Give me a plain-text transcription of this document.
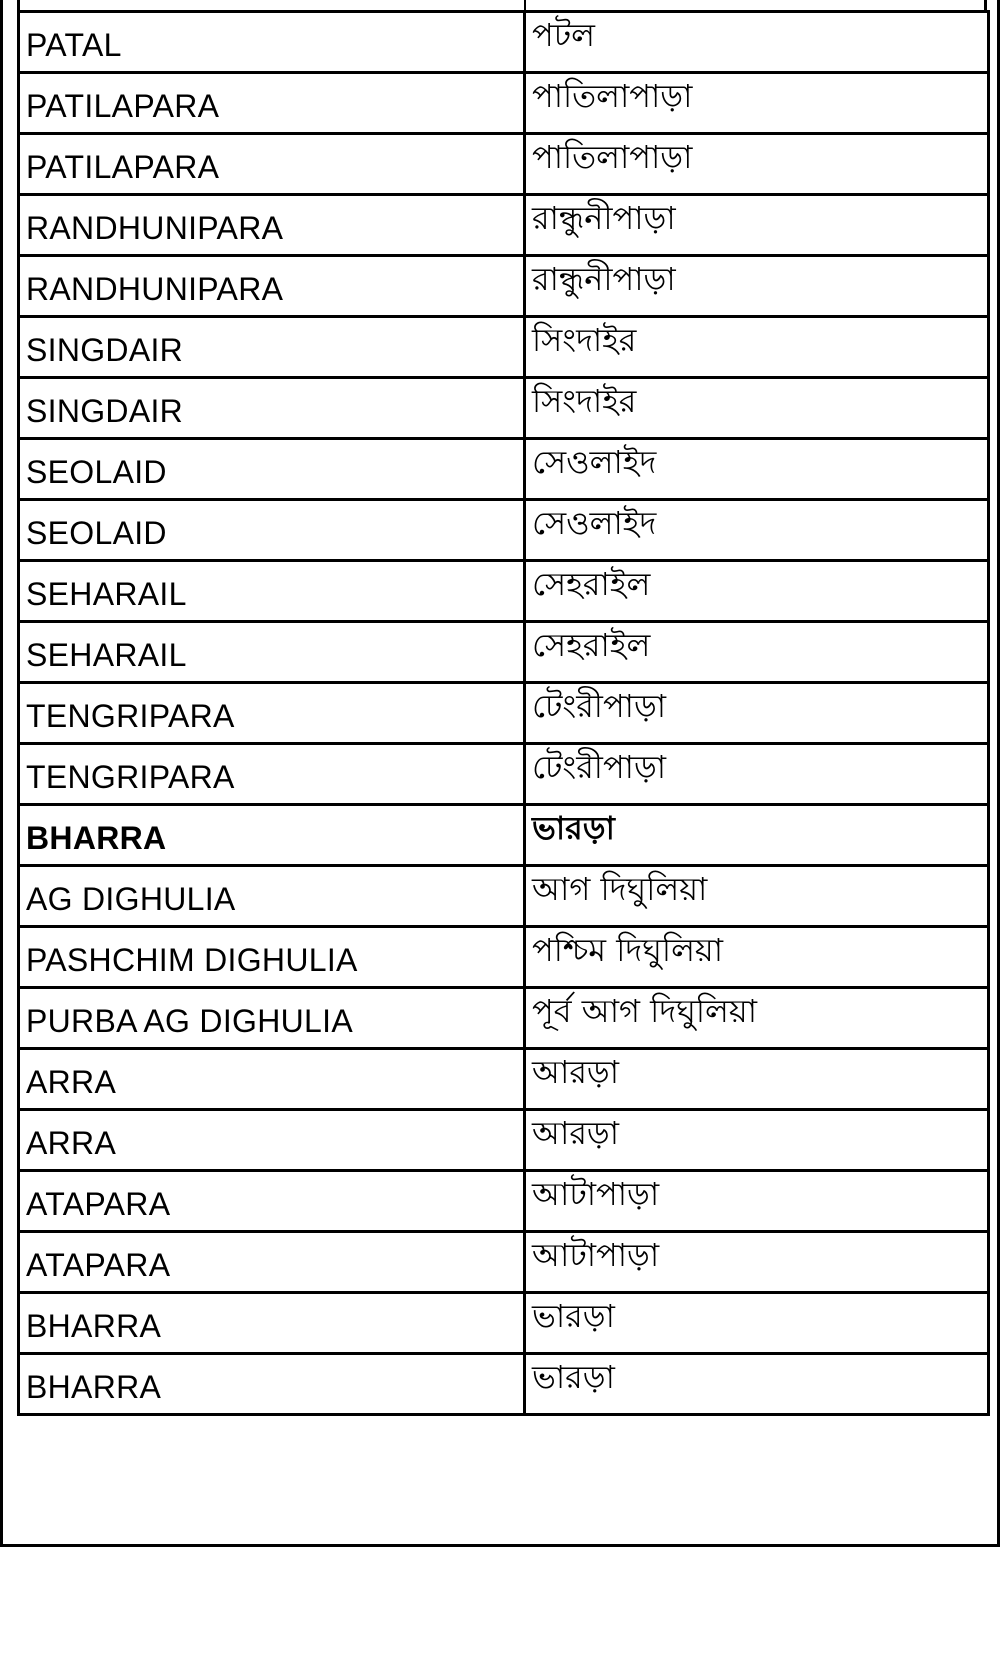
PATAL	পটল
PATILAPARA	পাতিলাপাড়া
PATILAPARA	পাতিলাপাড়া
RANDHUNIPARA	রান্ধুনীপাড়া
RANDHUNIPARA	রান্ধুনীপাড়া
SINGDAIR	সিংদাইর
SINGDAIR	সিংদাইর
SEOLAID	সেওলাইদ
SEOLAID	সেওলাইদ
SEHARAIL	সেহরাইল
SEHARAIL	সেহরাইল
TENGRIPARA	টেংরীপাড়া
TENGRIPARA	টেংরীপাড়া
BHARRA	ভারড়া
AG DIGHULIA	আগ দিঘুলিয়া
PASHCHIM DIGHULIA	পশ্চিম দিঘুলিয়া
PURBA AG DIGHULIA	পূর্ব আগ দিঘুলিয়া
ARRA	আরড়া
ARRA	আরড়া
ATAPARA	আটাপাড়া
ATAPARA	আটাপাড়া
BHARRA	ভারড়া
BHARRA	ভারড়া
